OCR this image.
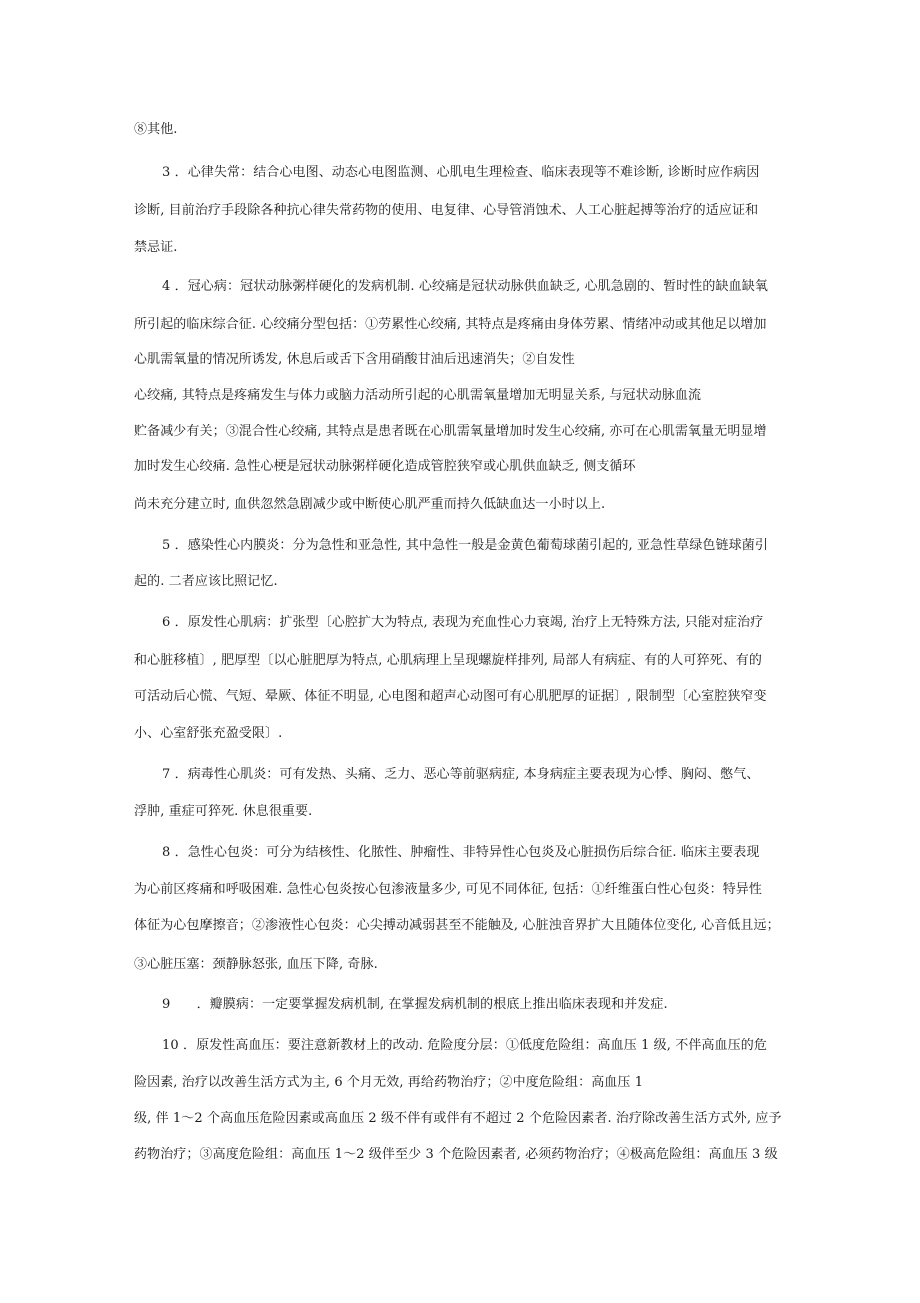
⑧其他.
3 ．心律失常：结合心电图、动态心电图监测、心肌电生理检查、临床表现等不难诊断, 诊断时应作病因
诊断, 目前治疗手段除各种抗心律失常药物的使用、电复律、心导管消蚀术、人工心脏起搏等治疗的适应证和
禁忌证.
4 ．冠心病：冠状动脉粥样硬化的发病机制. 心绞痛是冠状动脉供血缺乏, 心肌急剧的、暂时性的缺血缺氧
所引起的临床综合征. 心绞痛分型包括：①劳累性心绞痛, 其特点是疼痛由身体劳累、情绪冲动或其他足以增加
心肌需氧量的情况所诱发, 休息后或舌下含用硝酸甘油后迅速消失；②自发性
心绞痛, 其特点是疼痛发生与体力或脑力活动所引起的心肌需氧量增加无明显关系, 与冠状动脉血流
贮备减少有关；③混合性心绞痛, 其特点是患者既在心肌需氧量增加时发生心绞痛, 亦可在心肌需氧量无明显增
加时发生心绞痛. 急性心梗是冠状动脉粥样硬化造成管腔狭窄或心肌供血缺乏, 侧支循环
尚未充分建立时, 血供忽然急剧减少或中断使心肌严重而持久低缺血达一小时以上.
5 ．感染性心内膜炎：分为急性和亚急性, 其中急性一般是金黄色葡萄球菌引起的, 亚急性草绿色链球菌引
起的. 二者应该比照记忆.
6 ．原发性心肌病：扩张型〔心腔扩大为特点, 表现为充血性心力衰竭, 治疗上无特殊方法, 只能对症治疗
和心脏移植〕, 肥厚型〔以心脏肥厚为特点, 心肌病理上呈现螺旋样排列, 局部人有病症、有的人可猝死、有的
可活动后心慌、气短、晕厥、体征不明显, 心电图和超声心动图可有心肌肥厚的证据〕, 限制型〔心室腔狭窄变
小、心室舒张充盈受限〕.
7 ．病毒性心肌炎：可有发热、头痛、乏力、恶心等前驱病症, 本身病症主要表现为心悸、胸闷、憋气、
浮肿, 重症可猝死. 休息很重要.
8 ．急性心包炎：可分为结核性、化脓性、肿瘤性、非特异性心包炎及心脏损伤后综合征. 临床主要表现
为心前区疼痛和呼吸困难. 急性心包炎按心包渗液量多少, 可见不同体征, 包括：①纤维蛋白性心包炎：特异性
体征为心包摩擦音；②渗液性心包炎：心尖搏动减弱甚至不能触及, 心脏浊音界扩大且随体位变化, 心音低且远；
③心脏压塞：颈静脉怒张, 血压下降, 奇脉.
9　　．瓣膜病：一定要掌握发病机制, 在掌握发病机制的根底上推出临床表现和并发症.
10 ．原发性高血压：要注意新教材上的改动. 危险度分层：①低度危险组：高血压 1 级, 不伴高血压的危
险因素, 治疗以改善生活方式为主, 6 个月无效, 再给药物治疗；②中度危险组：高血压 1
级, 伴 1～2 个高血压危险因素或高血压 2 级不伴有或伴有不超过 2 个危险因素者. 治疗除改善生活方式外, 应予
药物治疗；③高度危险组：高血压 1～2 级伴至少 3 个危险因素者, 必须药物治疗；④极高危险组：高血压 3 级
